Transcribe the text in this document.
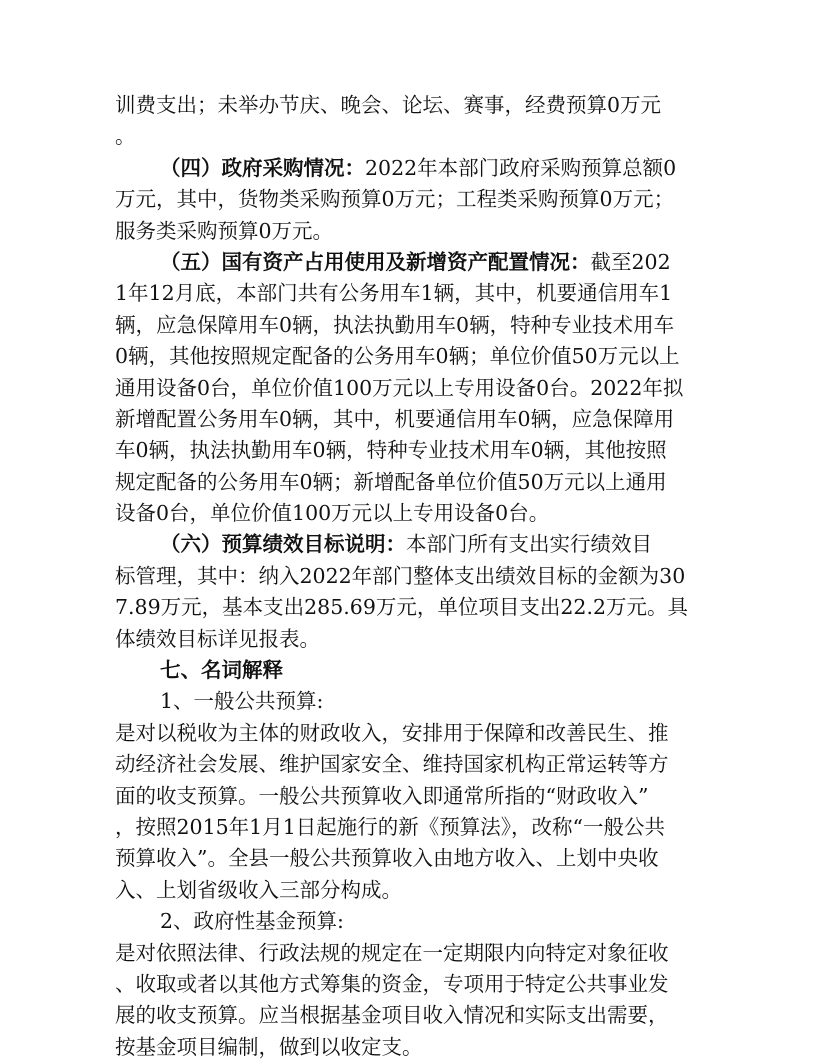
训费支出；未举办节庆、晚会、论坛、赛事，经费预算0万元
。
（四）政府采购情况：2022年本部门政府采购预算总额0
万元，其中，货物类采购预算0万元；工程类采购预算0万元；
服务类采购预算0万元。
（五）国有资产占用使用及新增资产配置情况：截至202
1年12月底，本部门共有公务用车1辆，其中，机要通信用车1
辆，应急保障用车0辆，执法执勤用车0辆，特种专业技术用车
0辆，其他按照规定配备的公务用车0辆；单位价值50万元以上
通用设备0台，单位价值100万元以上专用设备0台。2022年拟
新增配置公务用车0辆，其中，机要通信用车0辆，应急保障用
车0辆，执法执勤用车0辆，特种专业技术用车0辆，其他按照
规定配备的公务用车0辆；新增配备单位价值50万元以上通用
设备0台，单位价值100万元以上专用设备0台。
（六）预算绩效目标说明：本部门所有支出实行绩效目
标管理，其中：纳入2022年部门整体支出绩效目标的金额为30
7.89万元，基本支出285.69万元，单位项目支出22.2万元。具
体绩效目标详见报表。
七、名词解释
1、一般公共预算:
是对以税收为主体的财政收入，安排用于保障和改善民生、推
动经济社会发展、维护国家安全、维持国家机构正常运转等方
面的收支预算。一般公共预算收入即通常所指的“财政收入”
，按照2015年1月1日起施行的新《预算法》，改称“一般公共
预算收入”。全县一般公共预算收入由地方收入、上划中央收
入、上划省级收入三部分构成。
2、政府性基金预算:
是对依照法律、行政法规的规定在一定期限内向特定对象征收
、收取或者以其他方式筹集的资金，专项用于特定公共事业发
展的收支预算。应当根据基金项目收入情况和实际支出需要，
按基金项目编制，做到以收定支。
